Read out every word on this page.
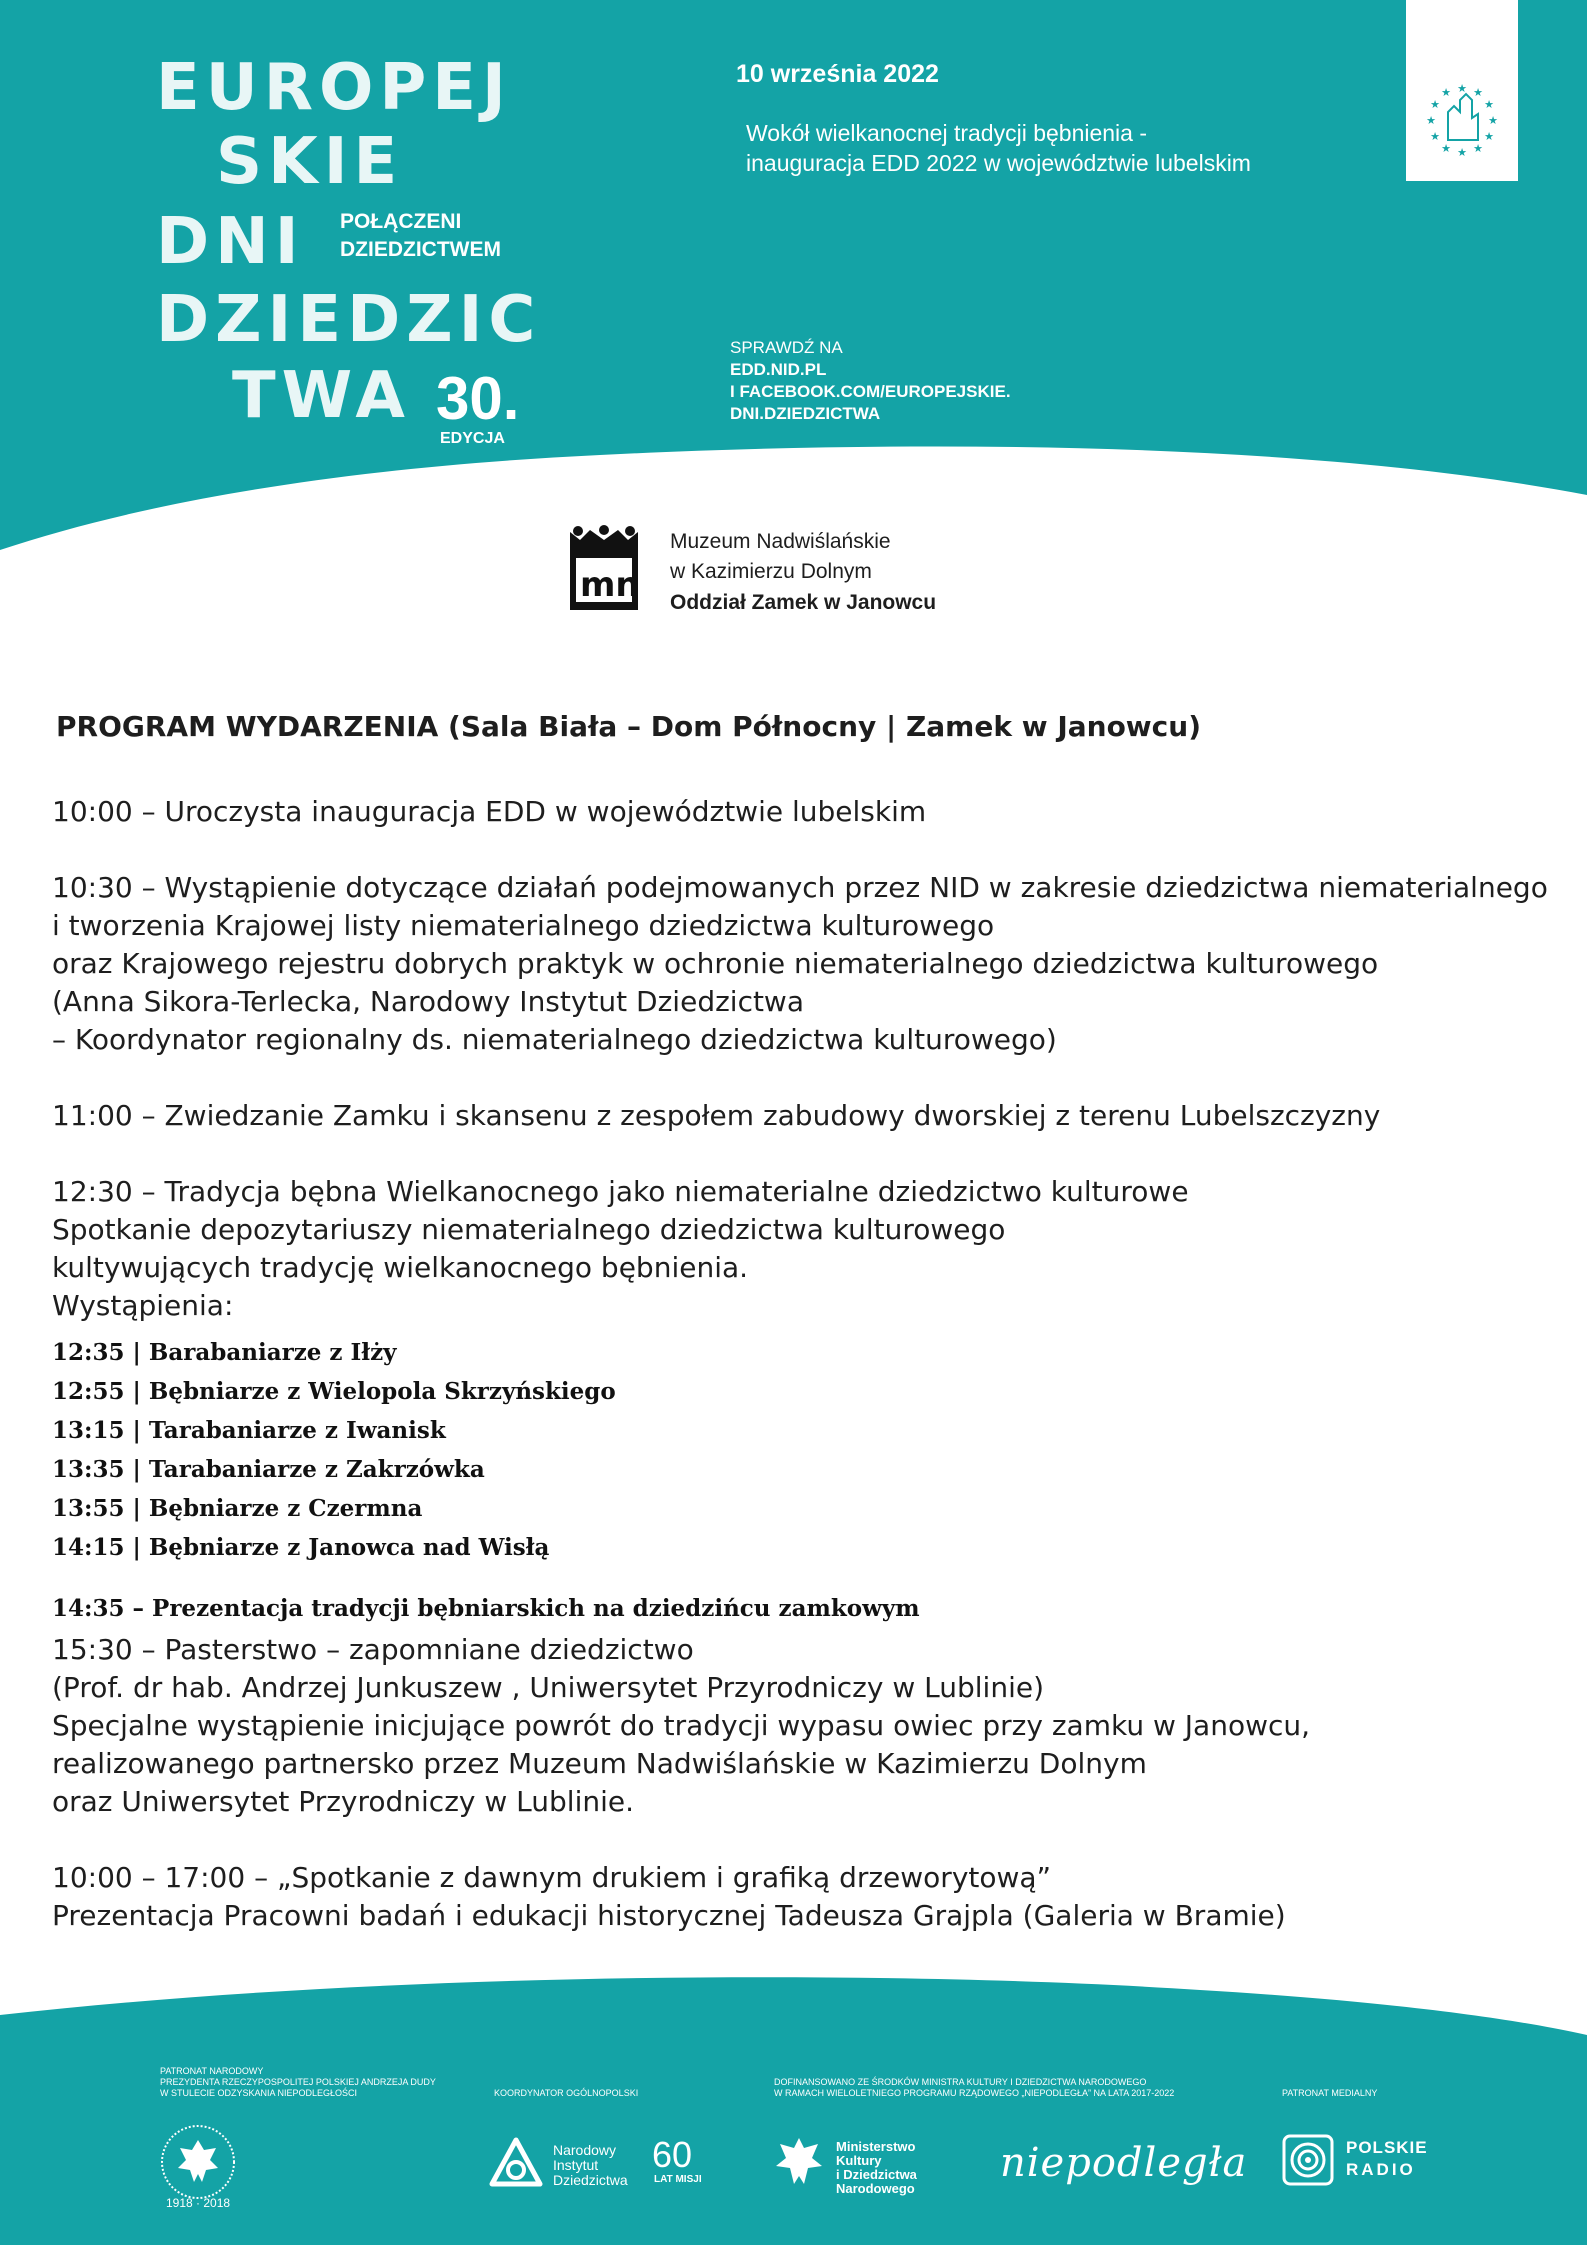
EUROPEJ
SKIE
DNI
DZIEDZIC
TWA
POŁĄCZENI
DZIEDZICTWEM
30.
EDYCJA
10 września 2022
Wokół wielkanocnej tradycji bębnienia -
inauguracja EDD 2022 w województwie lubelskim
SPRAWDŹ NA
EDD.NID.PL
I FACEBOOK.COM/EUROPEJSKIE.
DNI.DZIEDZICTWA
★ ★
★
★
★
★
★
★
★
★
★
★
mn
Muzeum Nadwiślańskie
w Kazimierzu Dolnym
Oddział Zamek w Janowcu
PROGRAM WYDARZENIA (Sala Biała – Dom Północny | Zamek w Janowcu)
10:00 – Uroczysta inauguracja EDD w województwie lubelskim
10:30 – Wystąpienie dotyczące działań podejmowanych przez NID w zakresie dziedzictwa niematerialnego
i tworzenia Krajowej listy niematerialnego dziedzictwa kulturowego
oraz Krajowego rejestru dobrych praktyk w ochronie niematerialnego dziedzictwa kulturowego
(Anna Sikora-Terlecka, Narodowy Instytut Dziedzictwa
– Koordynator regionalny ds. niematerialnego dziedzictwa kulturowego)
11:00 – Zwiedzanie Zamku i skansenu z zespołem zabudowy dworskiej z terenu Lubelszczyzny
12:30 – Tradycja bębna Wielkanocnego jako niematerialne dziedzictwo kulturowe
Spotkanie depozytariuszy niematerialnego dziedzictwa kulturowego
kultywujących tradycję wielkanocnego bębnienia.
Wystąpienia:
12:35 | Barabaniarze z Iłży
12:55 | Bębniarze z Wielopola Skrzyńskiego
13:15 | Tarabaniarze z Iwanisk
13:35 | Tarabaniarze z Zakrzówka
13:55 | Bębniarze z Czermna
14:15 | Bębniarze z Janowca nad Wisłą
14:35 – Prezentacja tradycji bębniarskich na dziedzińcu zamkowym
15:30 – Pasterstwo – zapomniane dziedzictwo
(Prof. dr hab. Andrzej Junkuszew , Uniwersytet Przyrodniczy w Lublinie)
Specjalne wystąpienie inicjujące powrót do tradycji wypasu owiec przy zamku w Janowcu,
realizowanego partnersko przez Muzeum Nadwiślańskie w Kazimierzu Dolnym
oraz Uniwersytet Przyrodniczy w Lublinie.
10:00 – 17:00 – „Spotkanie z dawnym drukiem i grafiką drzeworytową”
Prezentacja Pracowni badań i edukacji historycznej Tadeusza Grajpla (Galeria w Bramie)
PATRONAT NARODOWY
PREZYDENTA RZECZYPOSPOLITEJ POLSKIEJ ANDRZEJA DUDY
W STULECIE ODZYSKANIA NIEPODLEGŁOŚCI
1918 · 2018
KOORDYNATOR OGÓLNOPOLSKI
Narodowy
Instytut
Dziedzictwa
60
LAT MISJI
DOFINANSOWANO ZE ŚRODKÓW MINISTRA KULTURY I DZIEDZICTWA NARODOWEGO
W RAMACH WIELOLETNIEGO PROGRAMU RZĄDOWEGO „NIEPODLEGŁA” NA LATA 2017-2022
Ministerstwo
Kultury
i Dziedzictwa
Narodowego
niepodległa
PATRONAT MEDIALNY
POLSKIE
RADIO
